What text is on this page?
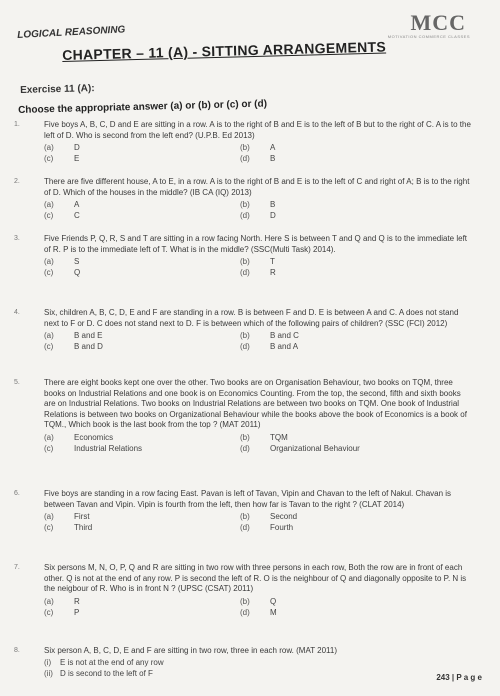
MCC
MOTIVATION COMMERCE CLASSES
LOGICAL REASONING
CHAPTER – 11 (A) - SITTING ARRANGEMENTS
Exercise 11 (A):
Choose the appropriate answer (a) or (b) or (c) or (d)
1.	Five boys A, B, C, D and E are sitting in a row. A is to the right of B and E is to the left of B but to the right of C. A is to the left of D. Who is second from the left end? (U.P.B. Ed 2013)
(a)	D	(b)	A
(c)	E	(d)	B
2.	There are five different house, A to E, in a row. A is to the right of B and E is to the left of C and right of A; B is to the right of D. Which of the houses in the middle? (IB CA (IQ) 2013)
(a)	A	(b)	B
(c)	C	(d)	D
3.	Five Friends P, Q, R, S and T are sitting in a row facing North. Here S is between T and Q and Q is to the immediate left of R. P is to the immediate left of T. What is in the middle? (SSC(Multi Task) 2014).
(a)	S	(b)	T
(c)	Q	(d)	R
4.	Six, children A, B, C, D, E and F are standing in a row. B is between F and D. E is between A and C. A does not stand next to F or D. C does not stand next to D. F is between which of the following pairs of children? (SSC (FCI) 2012)
(a)	B and E	(b)	B and C
(c)	B and D	(d)	B and A
5.	There are eight books kept one over the other. Two books are on Organisation Behaviour, two books on TQM, three books on Industrial Relations and one book is on Economics Counting. From the top, the second, fifth and sixth books are on Industrial Relations. Two books on Industrial Relations are between two books on TQM. One book of Industrial Relations is between two books on Organizational Behaviour while the books above the book of Economics is a book of TQM., Which book is the last book from the top ? (MAT 2011)
(a)	Economics	(b)	TQM
(c)	Industrial Relations	(d)	Organizational Behaviour
6.	Five boys are standing in a row facing East. Pavan is left of Tavan, Vipin and Chavan to the left of Nakul. Chavan is between Tavan and Vipin. Vipin is fourth from the left, then how far is Tavan to the right ? (CLAT 2014)
(a)	First	(b)	Second
(c)	Third	(d)	Fourth
7.	Six persons M, N, O, P, Q and R are sitting in two row with three persons in each row, Both the row are in front of each other. Q is not at the end of any row. P is second the left of R. O is the neighbour of Q and diagonally opposite to P. N is the neigbour of R. Who is in front N ? (UPSC (CSAT) 2011)
(a)	R	(b)	Q
(c)	P	(d)	M
8.	Six person A, B, C, D, E and F are sitting in two row, three in each row. (MAT 2011)
(i) E is not at the end of any row
(ii) D is second to the left of F	243 | P a g e
